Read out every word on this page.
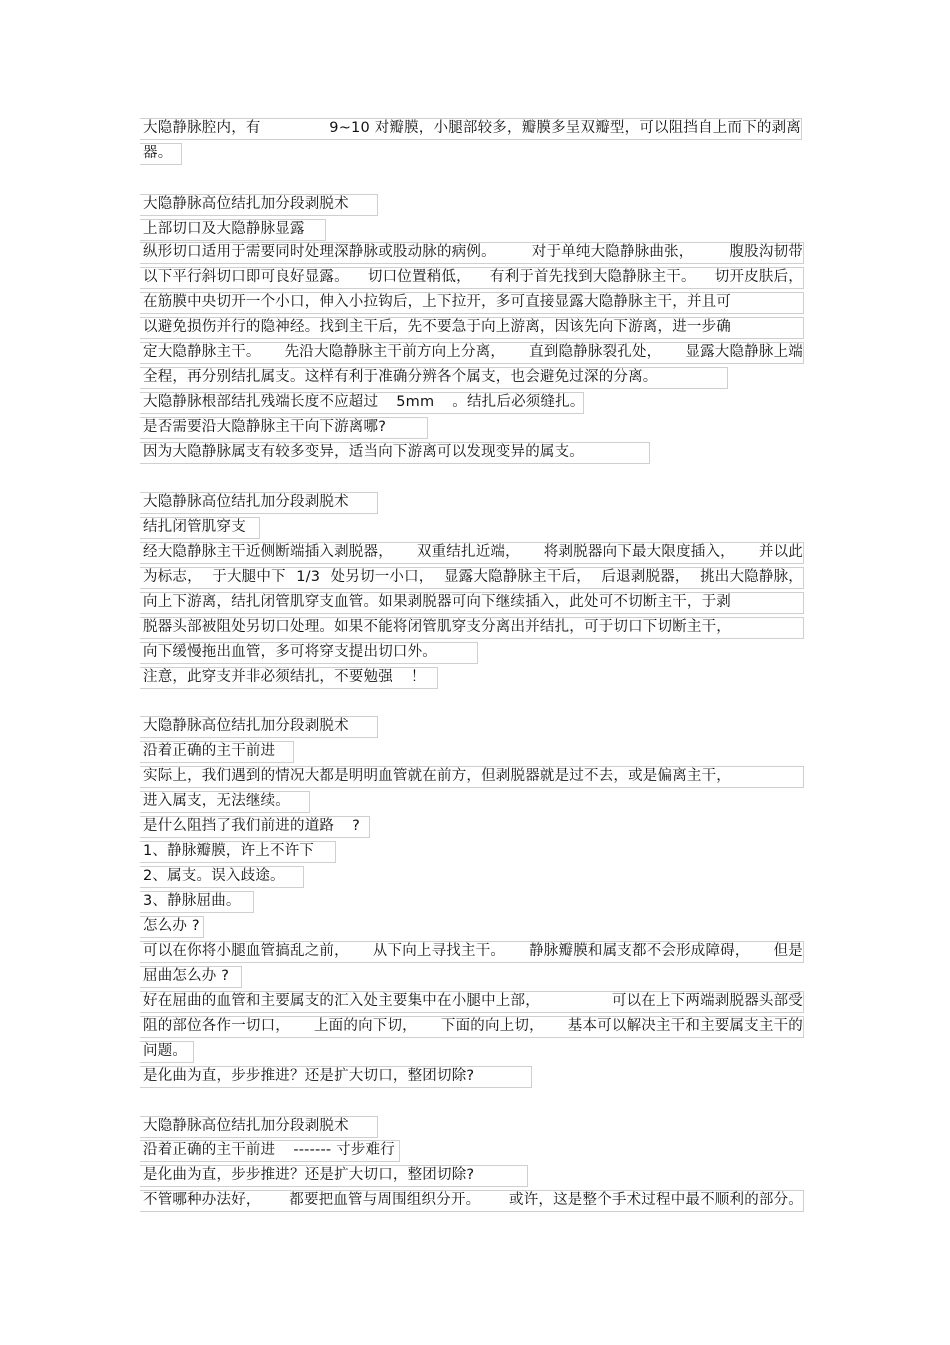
大隐静脉腔内，有	9~10 对瓣膜，小腿部较多，瓣膜多呈双瓣型，可以阻挡自上而下的剥离
器。
大隐静脉高位结扎加分段剥脱术
上部切口及大隐静脉显露
纵形切口适用于需要同时处理深静脉或股动脉的病例。 对于单纯大隐静脉曲张， 腹股沟韧带
以下平行斜切口即可良好显露。 切口位置稍低， 有利于首先找到大隐静脉主干。 切开皮肤后，
在筋膜中央切开一个小口，伸入小拉钩后，上下拉开，多可直接显露大隐静脉主干，并且可
以避免损伤并行的隐神经。找到主干后，先不要急于向上游离，因该先向下游离，进一步确
定大隐静脉主干。 先沿大隐静脉主干前方向上分离， 直到隐静脉裂孔处， 显露大隐静脉上端
全程，再分别结扎属支。这样有利于准确分辨各个属支，也会避免过深的分离。
大隐静脉根部结扎残端长度不应超过 5mm 。结扎后必须缝扎。
是否需要沿大隐静脉主干向下游离哪?
因为大隐静脉属支有较多变异，适当向下游离可以发现变异的属支。
大隐静脉高位结扎加分段剥脱术
结扎闭管肌穿支
经大隐静脉主干近侧断端插入剥脱器， 双重结扎近端， 将剥脱器向下最大限度插入， 并以此
为标志， 于大腿中下 1/3 处另切一小口， 显露大隐静脉主干后， 后退剥脱器， 挑出大隐静脉，
向上下游离，结扎闭管肌穿支血管。如果剥脱器可向下继续插入，此处可不切断主干，于剥
脱器头部被阻处另切口处理。如果不能将闭管肌穿支分离出并结扎，可于切口下切断主干，
向下缓慢拖出血管，多可将穿支提出切口外。
注意，此穿支并非必须结扎，不要勉强 ！
大隐静脉高位结扎加分段剥脱术
沿着正确的主干前进
实际上，我们遇到的情况大都是明明血管就在前方，但剥脱器就是过不去，或是偏离主干，
进入属支，无法继续。
是什么阻挡了我们前进的道路 ?
1、静脉瓣膜，许上不许下
2、属支。误入歧途。
3、静脉屈曲。
怎么办 ?
可以在你将小腿血管搞乱之前， 从下向上寻找主干。 静脉瓣膜和属支都不会形成障碍， 但是
屈曲怎么办 ?
好在屈曲的血管和主要属支的汇入处主要集中在小腿中上部，	可以在上下两端剥脱器头部受
阻的部位各作一切口， 上面的向下切， 下面的向上切， 基本可以解决主干和主要属支主干的
问题。
是化曲为直，步步推进？还是扩大切口，整团切除?
大隐静脉高位结扎加分段剥脱术
沿着正确的主干前进 ------- 寸步难行
是化曲为直，步步推进？还是扩大切口，整团切除?
不管哪种办法好， 都要把血管与周围组织分开。 或许，这是整个手术过程中最不顺利的部分。
